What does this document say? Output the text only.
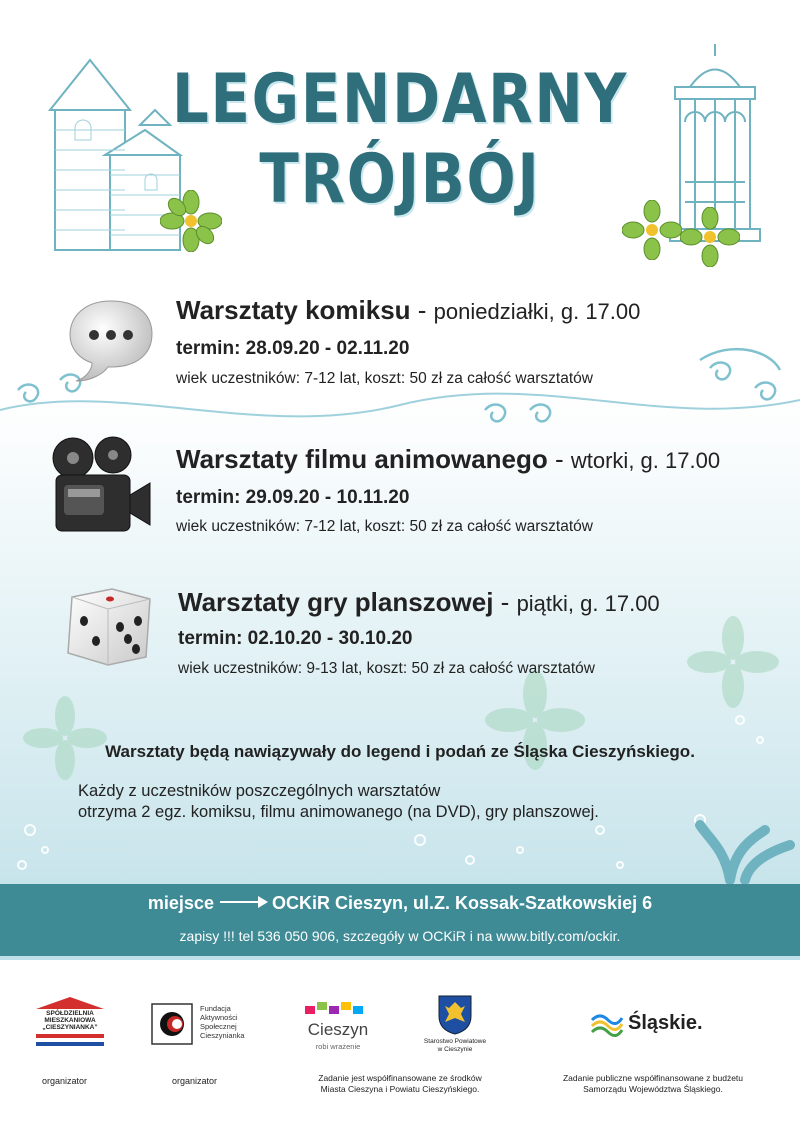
LEGENDARNY
TRÓJBÓJ
Warsztaty komiksu - poniedziałki, g. 17.00
termin: 28.09.20 - 02.11.20
wiek uczestników: 7-12 lat, koszt: 50 zł za całość warsztatów
Warsztaty filmu animowanego - wtorki, g. 17.00
termin: 29.09.20 - 10.11.20
wiek uczestników: 7-12 lat, koszt: 50 zł za całość warsztatów
Warsztaty gry planszowej - piątki, g. 17.00
termin: 02.10.20 - 30.10.20
wiek uczestników: 9-13 lat, koszt: 50 zł za całość warsztatów
Warsztaty będą nawiązywały do legend i podań ze Śląska Cieszyńskiego.
Każdy z uczestników poszczególnych warsztatów
otrzyma 2 egz. komiksu, filmu animowanego (na DVD), gry planszowej.
miejsce	OCKiR Cieszyn, ul.Z. Kossak-Szatkowskiej 6
zapisy !!! tel 536 050 906, szczegóły w OCKiR i na www.bitly.com/ockir.
SPÓŁDZIELNIA
MIESZKANIOWA
„CIESZYNIANKA”
Fundacja
Aktywności
Społecznej
Cieszynianka	Cieszyn
robi wrażenie
Starostwo Powiatowe
w Cieszynie
Śląskie.
organizator	organizator	Zadanie jest współfinansowane ze środków
Miasta Cieszyna i Powiatu Cieszyńskiego.
Zadanie publiczne współfinansowane z budżetu
Samorządu Województwa Śląskiego.
